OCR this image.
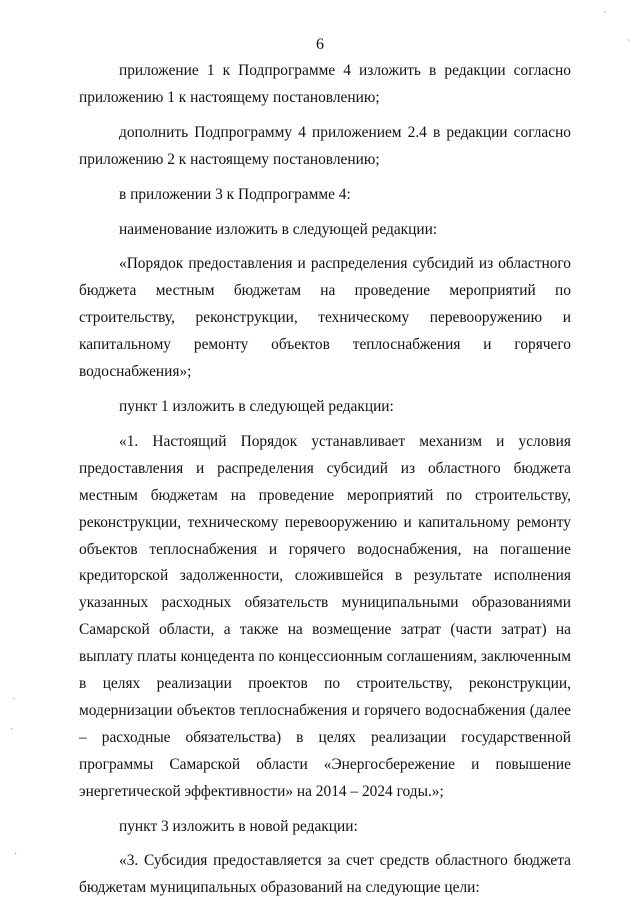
6

приложение 1 к Подпрограмме 4 изложить в редакции согласно приложению 1 к настоящему постановлению;

дополнить Подпрограмму 4 приложением 2.4 в редакции согласно приложению 2 к настоящему постановлению;

в приложении 3 к Подпрограмме 4:

наименование изложить в следующей редакции:

«Порядок предоставления и распределения субсидий из областного бюджета местным бюджетам на проведение мероприятий по строительству, реконструкции, техническому перевооружению и капитальному ремонту объектов теплоснабжения и горячего водоснабжения»;

пункт 1 изложить в следующей редакции:

«1. Настоящий Порядок устанавливает механизм и условия предоставления и распределения субсидий из областного бюджета местным бюджетам на проведение мероприятий по строительству, реконструкции, техническому перевооружению и капитальному ремонту объектов теплоснабжения и горячего водоснабжения, на погашение кредиторской задолженности, сложившейся в результате исполнения указанных расходных обязательств муниципальными образованиями Самарской области, а также на возмещение затрат (части затрат) на выплату платы концедента по концессионным соглашениям, заключенным в целях реализации проектов по строительству, реконструкции, модернизации объектов теплоснабжения и горячего водоснабжения (далее – расходные обязательства) в целях реализации государственной программы Самарской области «Энергосбережение и повышение энергетической эффективности» на 2014 – 2024 годы.»;

пункт 3 изложить в новой редакции:

«3. Субсидия предоставляется за счет средств областного бюджета бюджетам муниципальных образований на следующие цели:

ˋ
ˋ
ˏ
ˏ
·
